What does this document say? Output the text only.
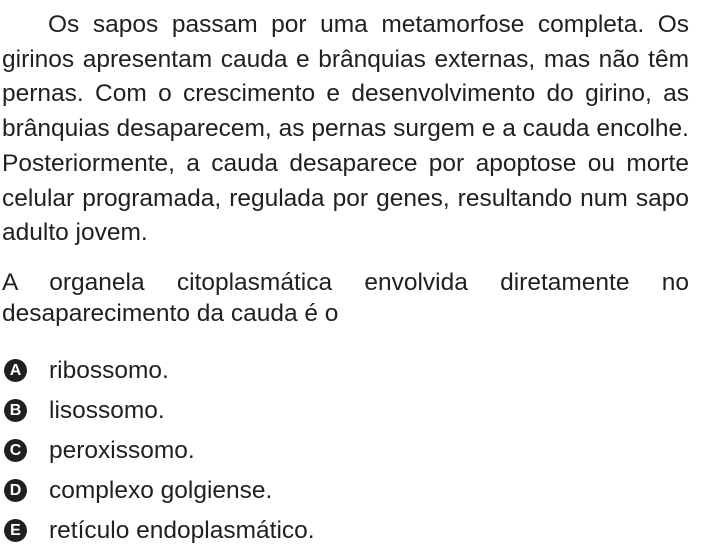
Os sapos passam por uma metamorfose completa. Os girinos apresentam cauda e brânquias externas, mas não têm pernas. Com o crescimento e desenvolvimento do girino, as brânquias desaparecem, as pernas surgem e a cauda encolhe. Posteriormente, a cauda desaparece por apoptose ou morte celular programada, regulada por genes, resultando num sapo adulto jovem.

A organela citoplasmática envolvida diretamente no desaparecimento da cauda é o

A ribossomo.
B lisossomo.
C peroxissomo.
D complexo golgiense.
E retículo endoplasmático.
